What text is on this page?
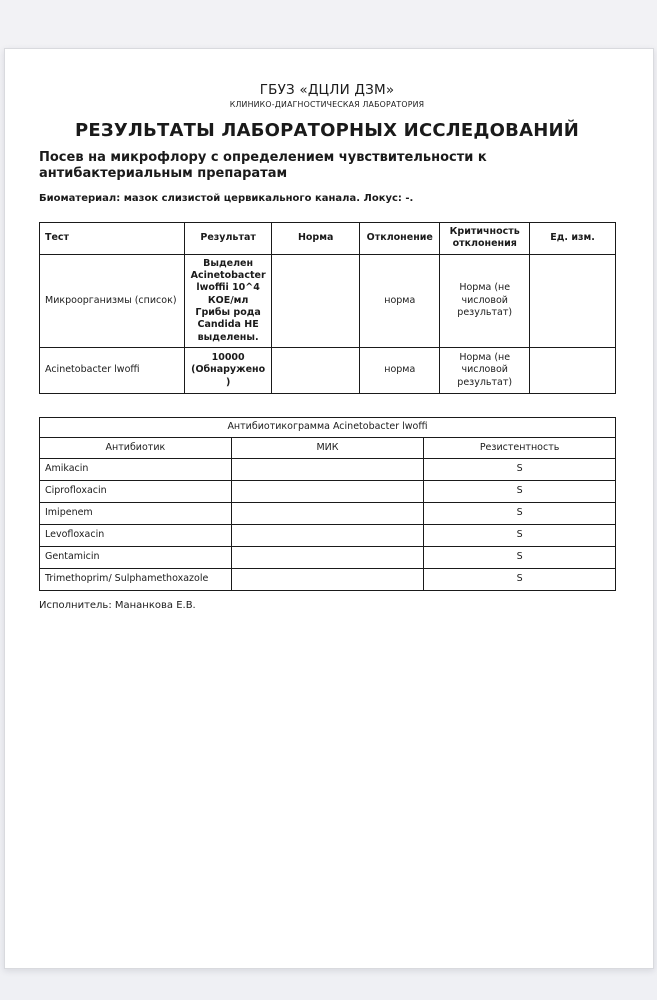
ГБУЗ «ДЦЛИ ДЗМ»
КЛИНИКО-ДИАГНОСТИЧЕСКАЯ ЛАБОРАТОРИЯ
РЕЗУЛЬТАТЫ ЛАБОРАТОРНЫХ ИССЛЕДОВАНИЙ
Посев на микрофлору с определением чувствительности к антибактериальным препаратам
Биоматериал: мазок слизистой цервикального канала. Локус: -.
Тест	Результат	Норма	Отклонение	Критичность отклонения	Ед. изм.
Микроорганизмы (список)	Выделен Acinetobacter lwoffii 10^4 КОЕ/мл Грибы рода Candida НЕ выделены.		норма	Норма (не числовой результат)	
Acinetobacter lwoffi	10000 (Обнаружено)		норма	Норма (не числовой результат)	
Антибиотикограмма Acinetobacter lwoffi		
Антибиотик	МИК	Резистентность
Amikacin		S
Ciprofloxacin		S
Imipenem		S
Levofloxacin		S
Gentamicin		S
Trimethoprim/ Sulphamethoxazole		S
Исполнитель: Мананкова Е.В.
